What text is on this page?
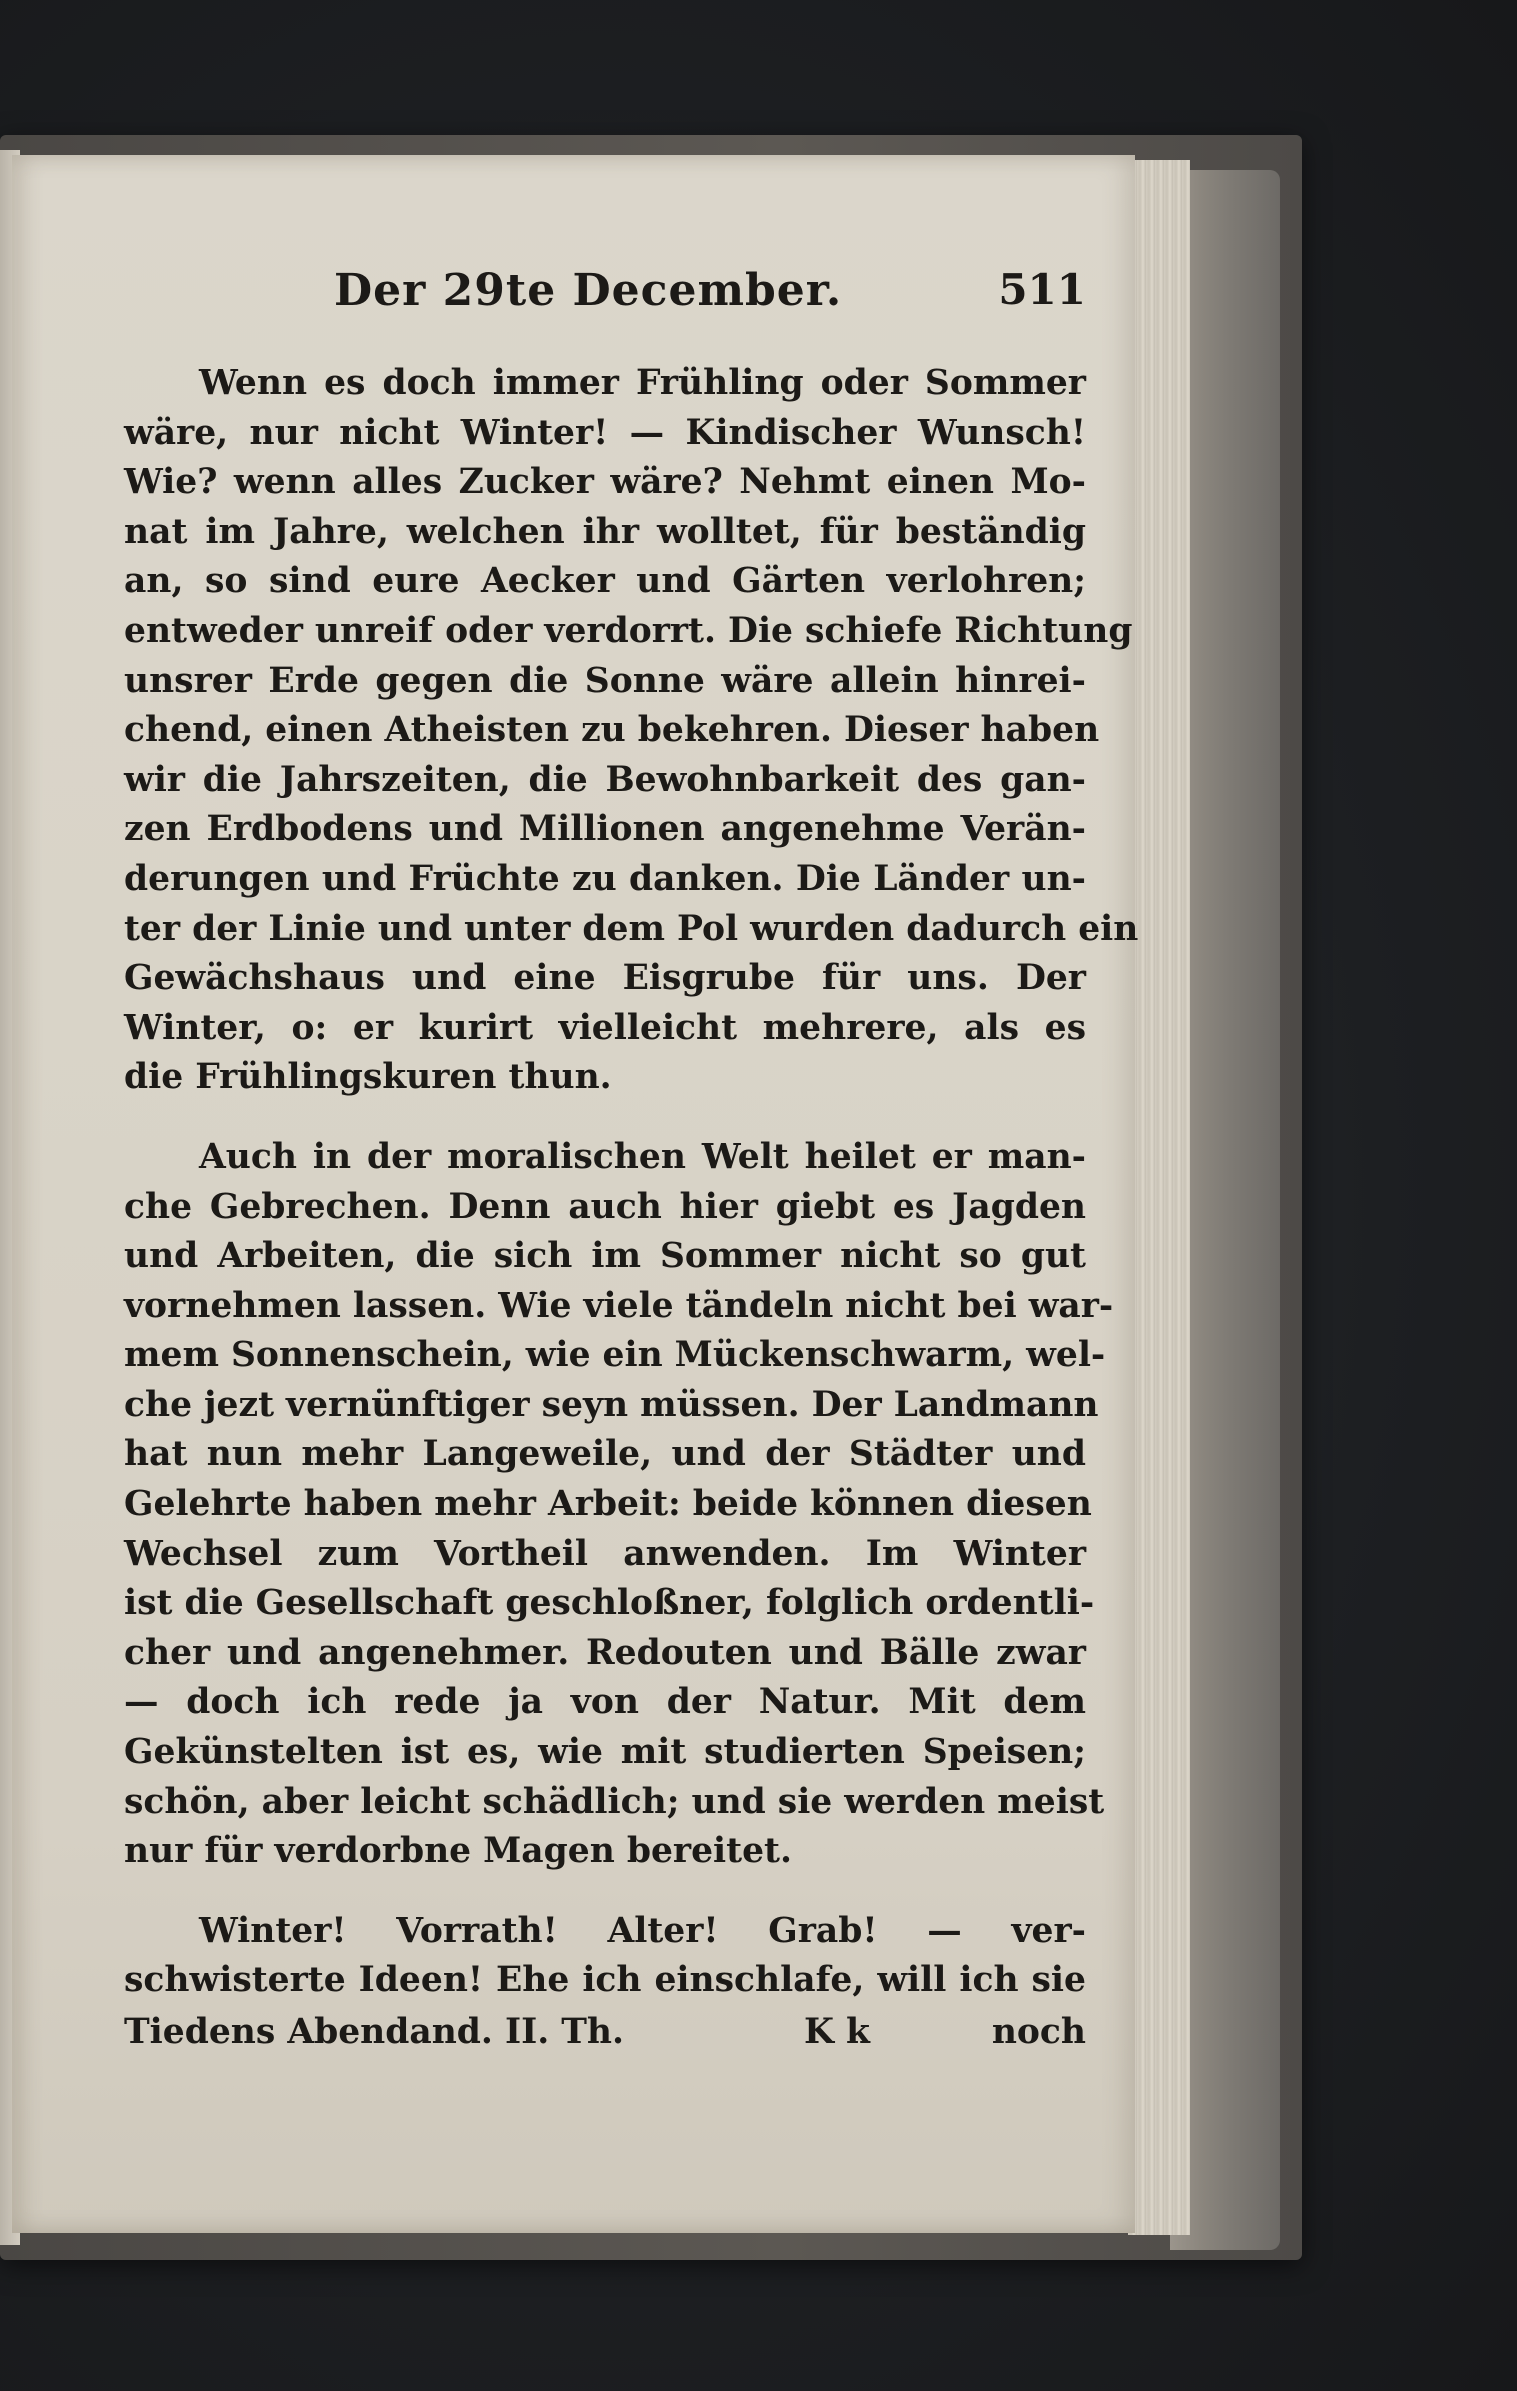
Der 29te December.	511
Wenn es doch immer Frühling oder Sommer
wäre, nur nicht Winter! — Kindischer Wunsch!
Wie? wenn alles Zucker wäre? Nehmt einen Mo-
nat im Jahre, welchen ihr wolltet, für beständig
an, so sind eure Aecker und Gärten verlohren;
entweder unreif oder verdorrt. Die schiefe Richtung
unsrer Erde gegen die Sonne wäre allein hinrei-
chend, einen Atheisten zu bekehren. Dieser haben
wir die Jahrszeiten, die Bewohnbarkeit des gan-
zen Erdbodens und Millionen angenehme Verän-
derungen und Früchte zu danken. Die Länder un-
ter der Linie und unter dem Pol wurden dadurch ein
Gewächshaus und eine Eisgrube für uns. Der
Winter, o: er kurirt vielleicht mehrere, als es
die Frühlingskuren thun.
Auch in der moralischen Welt heilet er man-
che Gebrechen. Denn auch hier giebt es Jagden
und Arbeiten, die sich im Sommer nicht so gut
vornehmen lassen. Wie viele tändeln nicht bei war-
mem Sonnenschein, wie ein Mückenschwarm, wel-
che jezt vernünftiger seyn müssen. Der Landmann
hat nun mehr Langeweile, und der Städter und
Gelehrte haben mehr Arbeit: beide können diesen
Wechsel zum Vortheil anwenden. Im Winter
ist die Gesellschaft geschloßner, folglich ordentli-
cher und angenehmer. Redouten und Bälle zwar
— doch ich rede ja von der Natur. Mit dem
Gekünstelten ist es, wie mit studierten Speisen;
schön, aber leicht schädlich; und sie werden meist
nur für verdorbne Magen bereitet.
Winter! Vorrath! Alter! Grab! — ver-
schwisterte Ideen! Ehe ich einschlafe, will ich sie
Tiedens Abendand. II. Th.	K k	noch
